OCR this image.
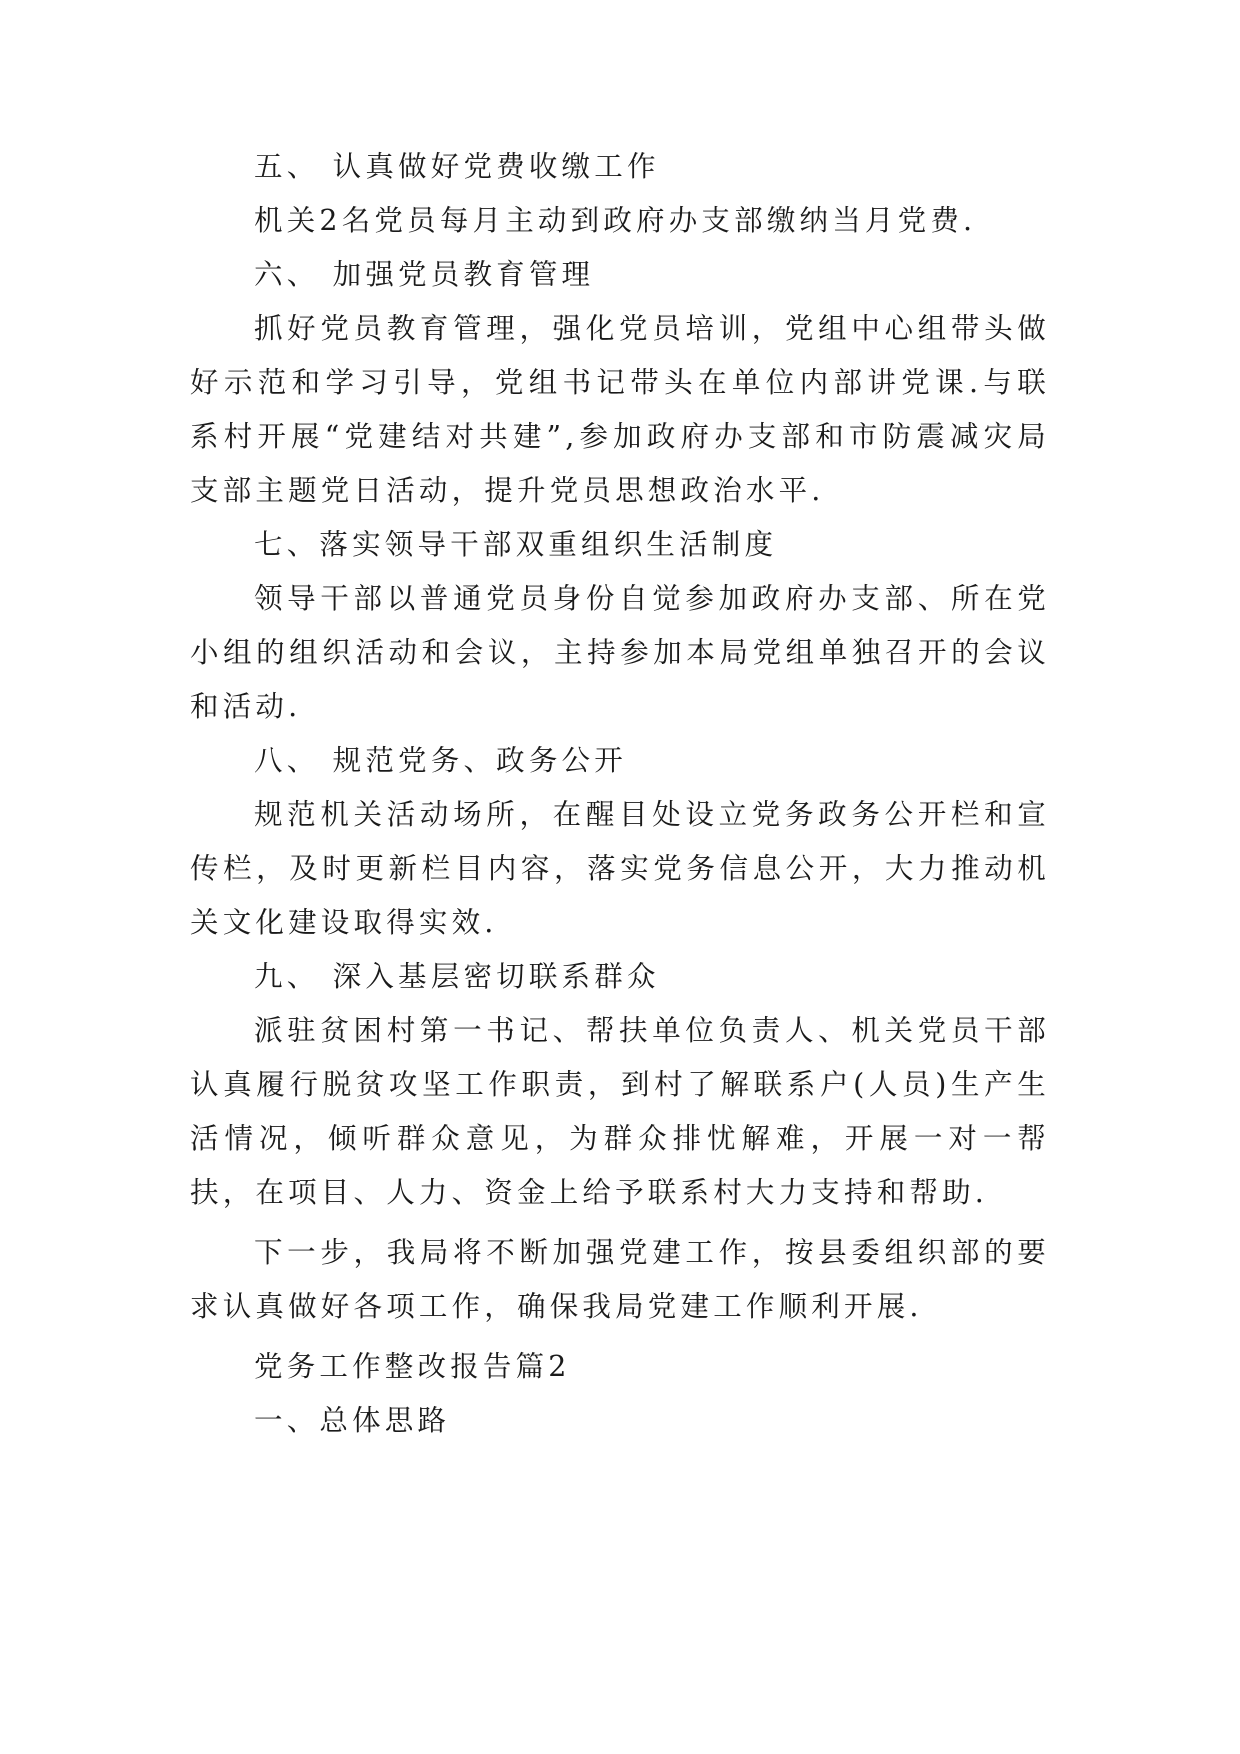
五、 认真做好党费收缴工作

机关2名党员每月主动到政府办支部缴纳当月党费.

六、 加强党员教育管理

抓好党员教育管理，强化党员培训，党组中心组带头做好示范和学习引导，党组书记带头在单位内部讲党课.与联系村开展“党建结对共建”,参加政府办支部和市防震减灾局支部主题党日活动，提升党员思想政治水平.

七、落实领导干部双重组织生活制度

领导干部以普通党员身份自觉参加政府办支部、所在党小组的组织活动和会议，主持参加本局党组单独召开的会议和活动.

八、 规范党务、政务公开

规范机关活动场所，在醒目处设立党务政务公开栏和宣传栏，及时更新栏目内容，落实党务信息公开，大力推动机关文化建设取得实效.

九、 深入基层密切联系群众

派驻贫困村第一书记、帮扶单位负责人、机关党员干部认真履行脱贫攻坚工作职责，到村了解联系户(人员)生产生活情况，倾听群众意见，为群众排忧解难，开展一对一帮扶，在项目、人力、资金上给予联系村大力支持和帮助.

下一步，我局将不断加强党建工作，按县委组织部的要求认真做好各项工作，确保我局党建工作顺利开展.

党务工作整改报告篇2

一、总体思路
